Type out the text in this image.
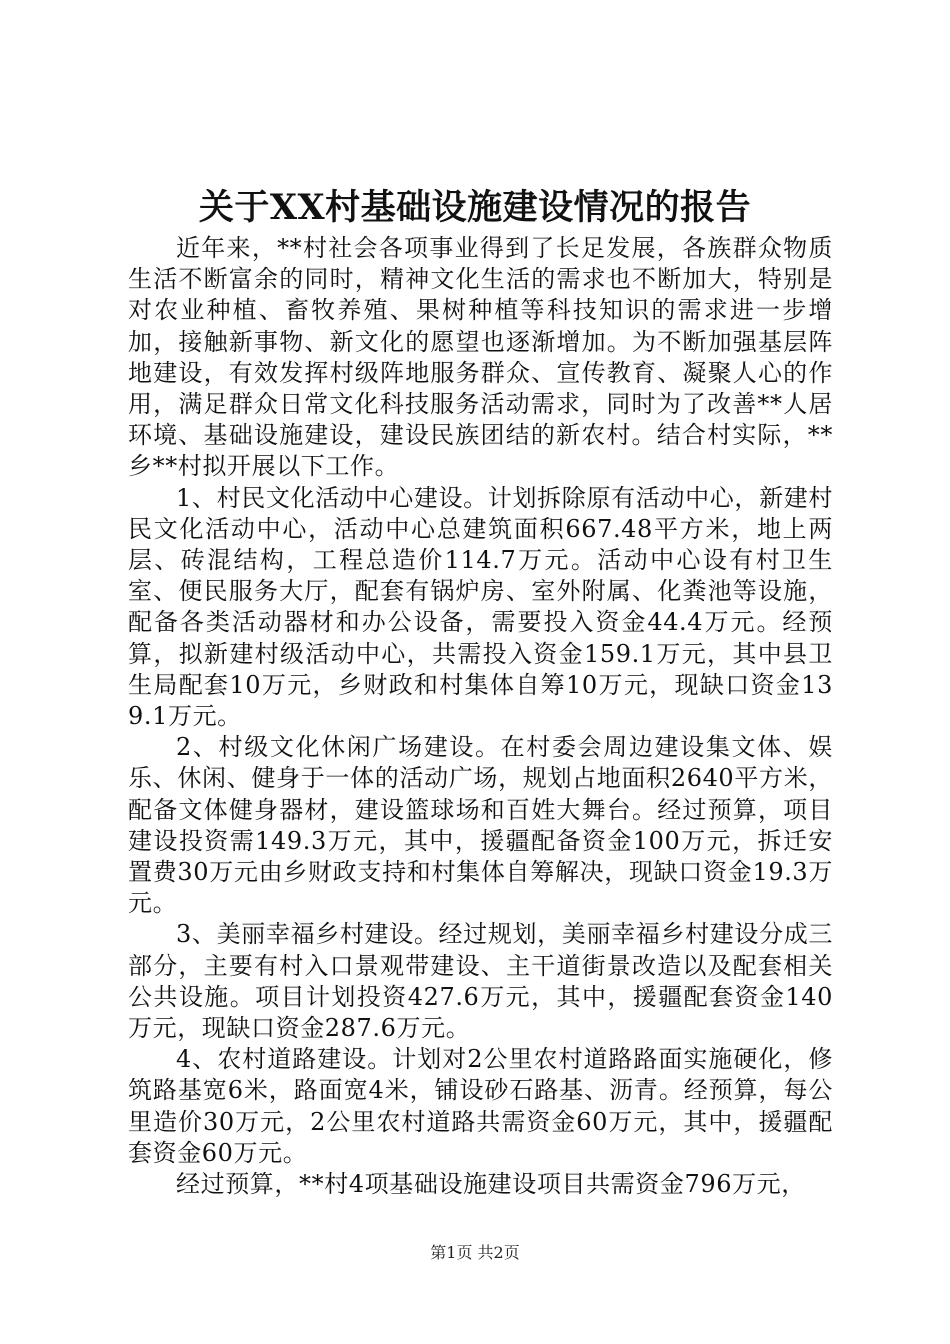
关于XX村基础设施建设情况的报告

近年来，**村社会各项事业得到了长足发展，各族群众物质生活不断富余的同时，精神文化生活的需求也不断加大，特别是对农业种植、畜牧养殖、果树种植等科技知识的需求进一步增加，接触新事物、新文化的愿望也逐渐增加。为不断加强基层阵地建设，有效发挥村级阵地服务群众、宣传教育、凝聚人心的作用，满足群众日常文化科技服务活动需求，同时为了改善**人居环境、基础设施建设，建设民族团结的新农村。结合村实际，**乡**村拟开展以下工作。

1、村民文化活动中心建设。计划拆除原有活动中心，新建村民文化活动中心，活动中心总建筑面积667.48平方米，地上两层、砖混结构，工程总造价114.7万元。活动中心设有村卫生室、便民服务大厅，配套有锅炉房、室外附属、化粪池等设施，配备各类活动器材和办公设备，需要投入资金44.4万元。经预算，拟新建村级活动中心，共需投入资金159.1万元，其中县卫生局配套10万元，乡财政和村集体自筹10万元，现缺口资金139.1万元。

2、村级文化休闲广场建设。在村委会周边建设集文体、娱乐、休闲、健身于一体的活动广场，规划占地面积2640平方米，配备文体健身器材，建设篮球场和百姓大舞台。经过预算，项目建设投资需149.3万元，其中，援疆配备资金100万元，拆迁安置费30万元由乡财政支持和村集体自筹解决，现缺口资金19.3万元。

3、美丽幸福乡村建设。经过规划，美丽幸福乡村建设分成三部分，主要有村入口景观带建设、主干道街景改造以及配套相关公共设施。项目计划投资427.6万元，其中，援疆配套资金140万元，现缺口资金287.6万元。

4、农村道路建设。计划对2公里农村道路路面实施硬化，修筑路基宽6米，路面宽4米，铺设砂石路基、沥青。经预算，每公里造价30万元，2公里农村道路共需资金60万元，其中，援疆配套资金60万元。

经过预算，**村4项基础设施建设项目共需资金796万元，

第1页 共2页
